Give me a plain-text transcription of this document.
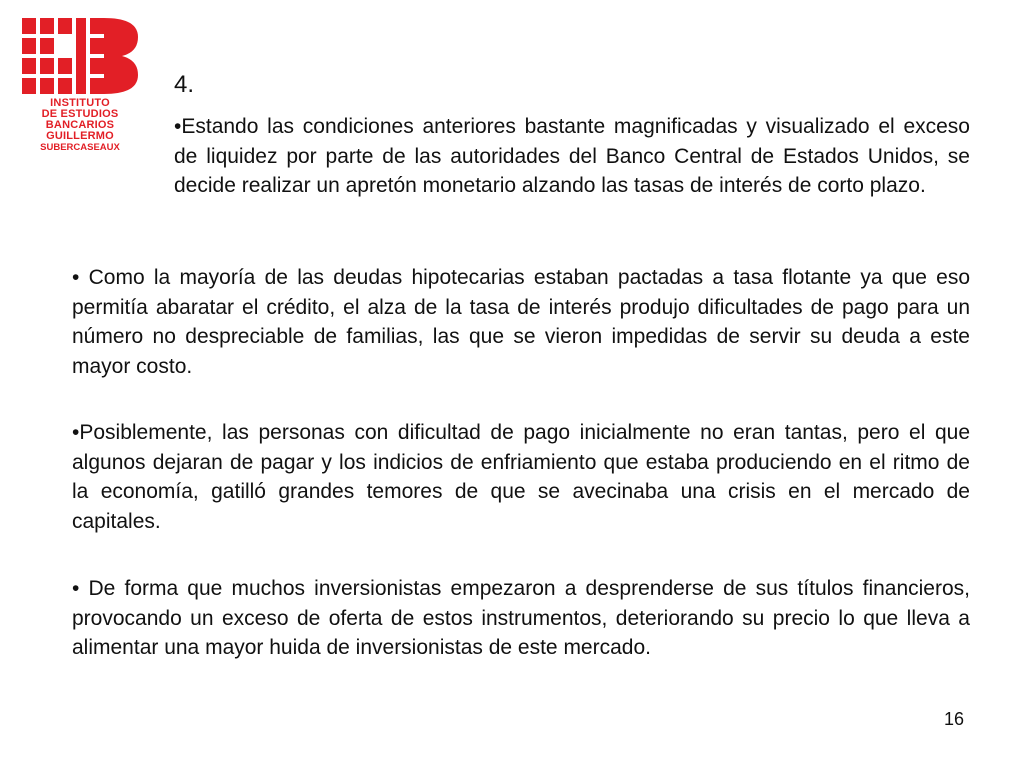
INSTITUTO
DE ESTUDIOS
BANCARIOS
GUILLERMO
SUBERCASEAUX
4.

•Estando las condiciones anteriores bastante magnificadas y visualizado el exceso de liquidez por parte de las autoridades del Banco Central de Estados Unidos, se decide realizar un apretón monetario alzando las tasas de interés de corto plazo.

• Como la mayoría de las deudas hipotecarias estaban pactadas a tasa flotante ya que eso permitía abaratar el crédito, el alza de la tasa de interés produjo dificultades de pago para un número no despreciable de familias, las que se vieron impedidas de servir su deuda a este mayor costo.

•Posiblemente, las personas con dificultad de pago inicialmente no eran tantas, pero el que algunos dejaran de pagar y los indicios de enfriamiento que estaba produciendo en el ritmo de la economía, gatilló grandes temores de que se avecinaba una crisis en el mercado de capitales.

• De forma que muchos inversionistas empezaron a desprenderse de sus títulos financieros, provocando un exceso de oferta de estos instrumentos, deteriorando su precio lo que lleva a alimentar una mayor huida de inversionistas de este mercado.

16
